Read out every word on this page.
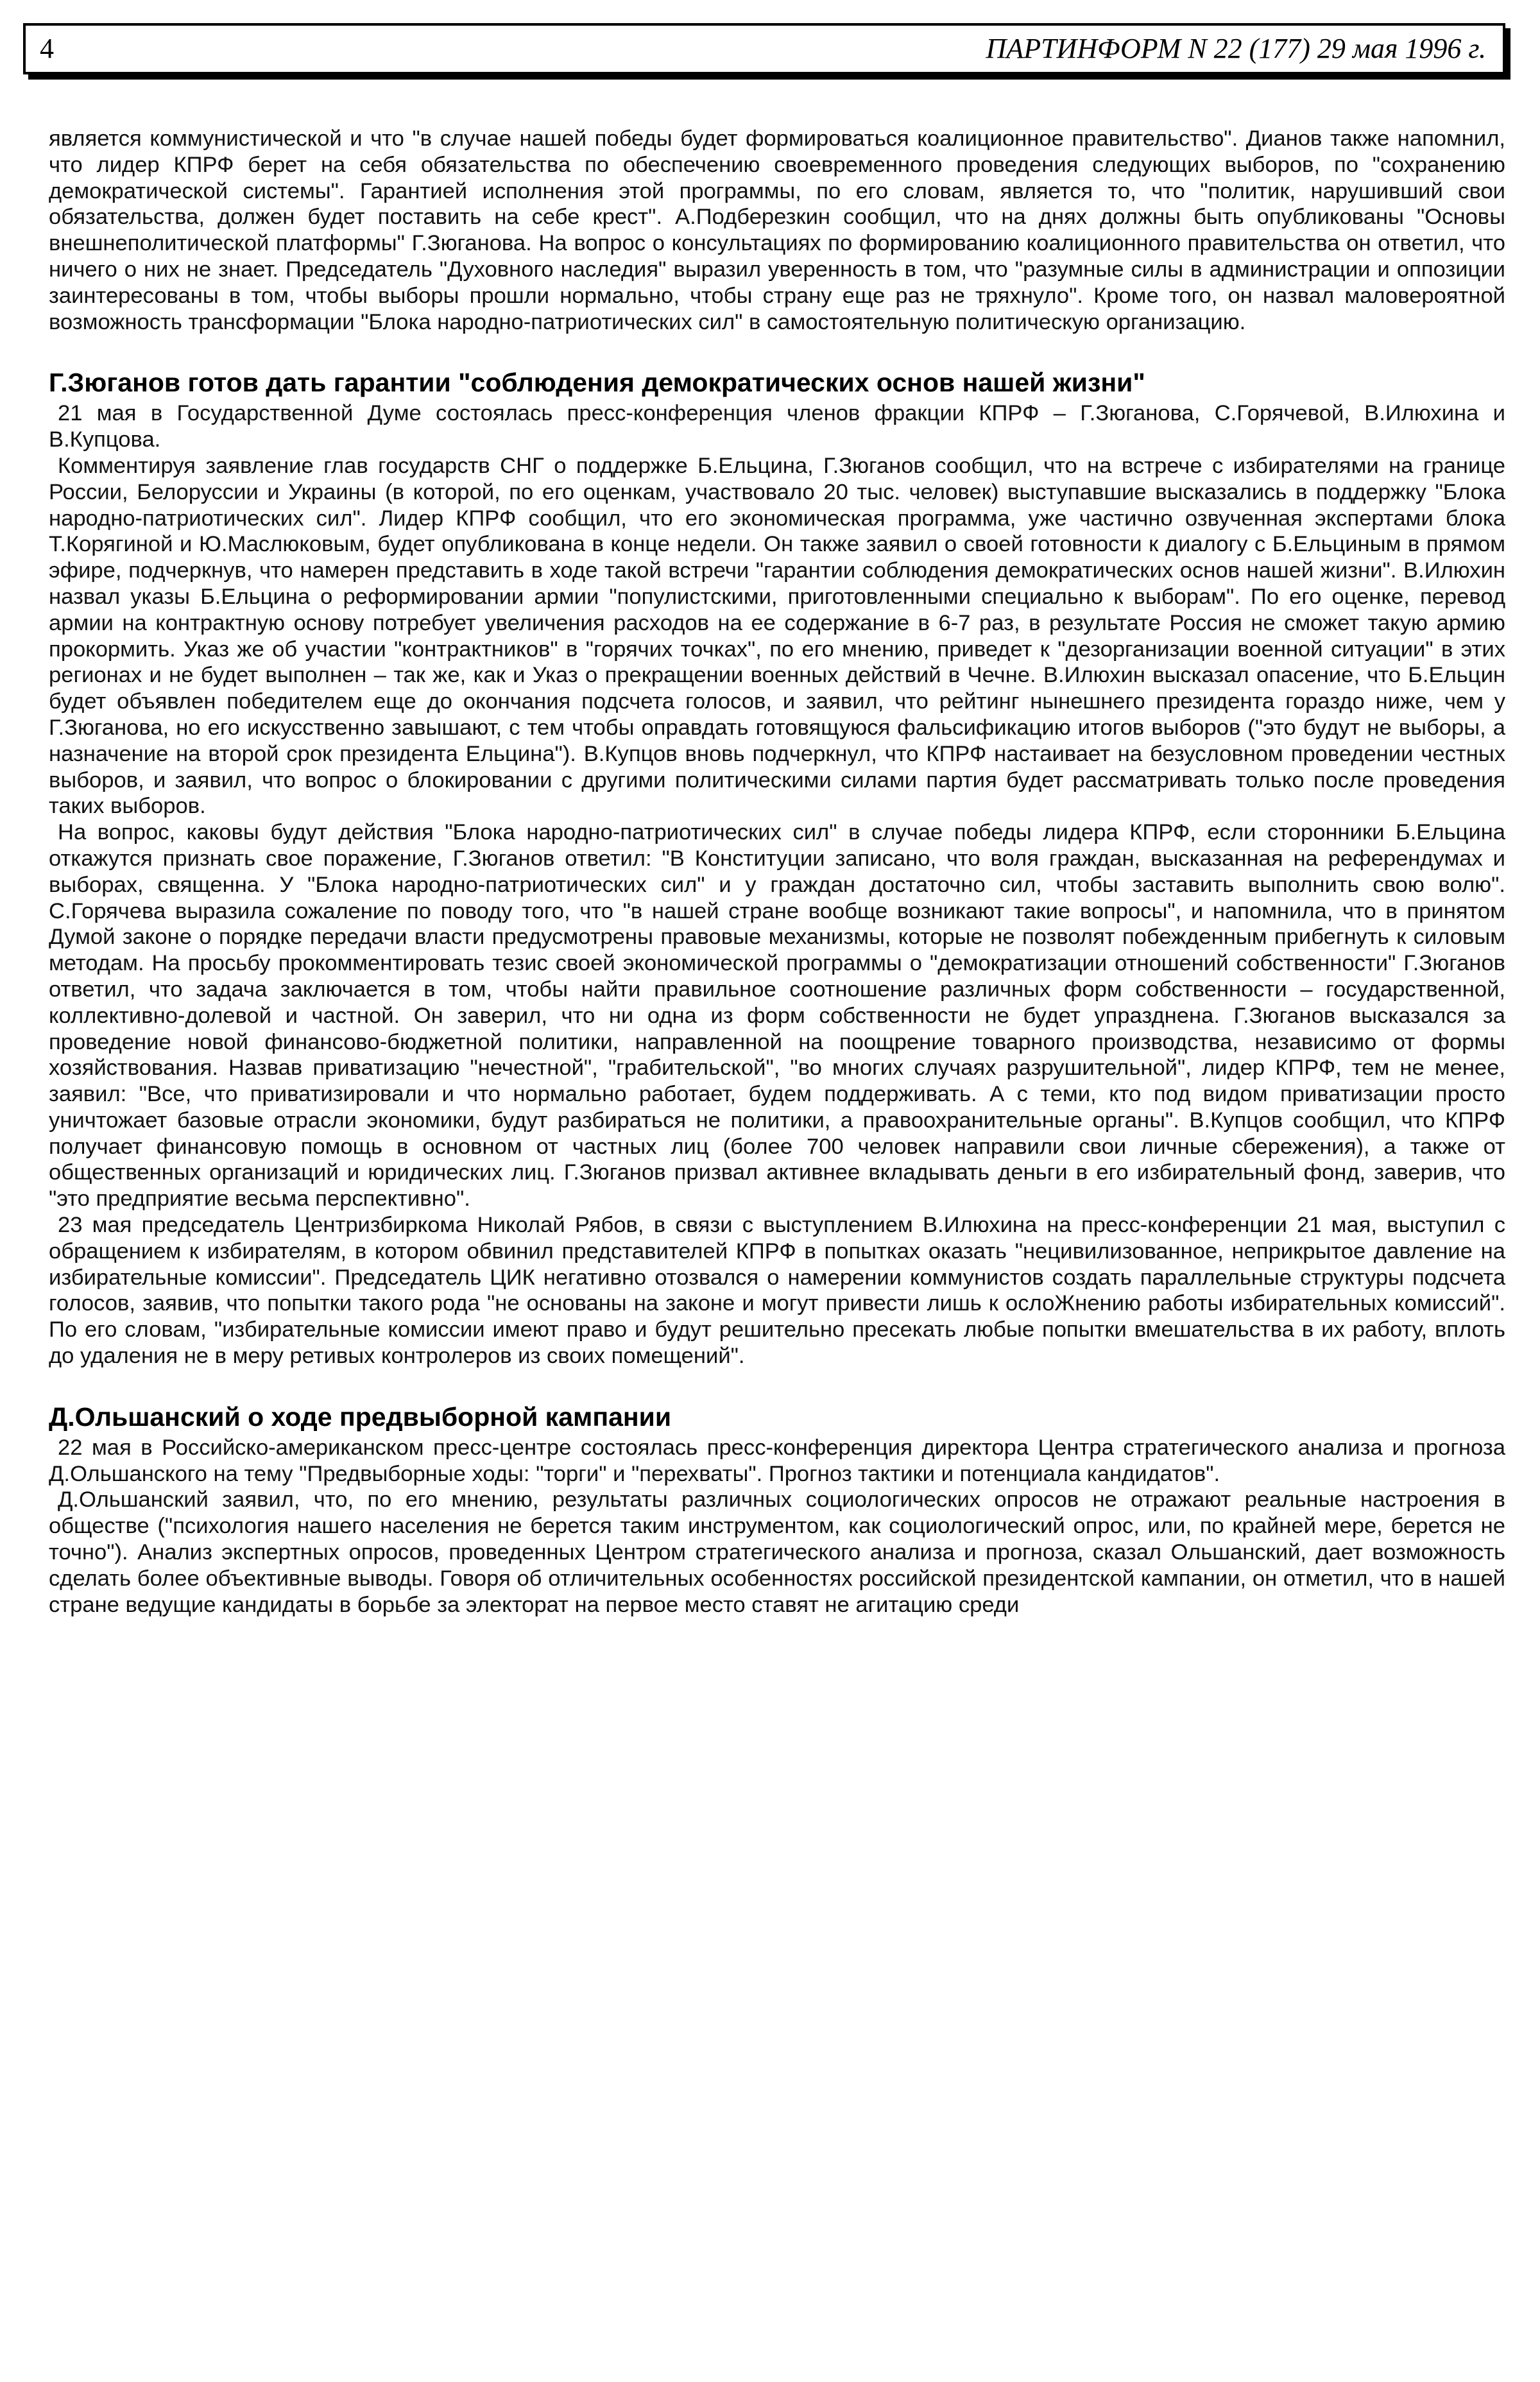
4	ПАРТИНФОРМ N 22 (177) 29 мая 1996 г.

является коммунистической и что "в случае нашей победы будет формироваться коалиционное правительство". Дианов также напомнил, что лидер КПРФ берет на себя обязательства по обеспечению своевременного проведения следующих выборов, по "сохранению демократической системы". Гарантией исполнения этой программы, по его словам, является то, что "политик, нарушивший свои обязательства, должен будет поставить на себе крест". А.Подберезкин сообщил, что на днях должны быть опубликованы "Основы внешнеполитической платформы" Г.Зюганова. На вопрос о консультациях по формированию коалиционного правительства он ответил, что ничего о них не знает. Председатель "Духовного наследия" выразил уверенность в том, что "разумные силы в администрации и оппозиции заинтересованы в том, чтобы выборы прошли нормально, чтобы страну еще раз не тряхнуло". Кроме того, он назвал маловероятной возможность трансформации "Блока народно-патриотических сил" в самостоятельную политическую организацию.

Г.Зюганов готов дать гарантии "соблюдения демократических основ нашей жизни"

21 мая в Государственной Думе состоялась пресс-конференция членов фракции КПРФ – Г.Зюганова, С.Горячевой, В.Илюхина и В.Купцова.

Комментируя заявление глав государств СНГ о поддержке Б.Ельцина, Г.Зюганов сообщил, что на встрече с избирателями на границе России, Белоруссии и Украины (в которой, по его оценкам, участвовало 20 тыс. человек) выступавшие высказались в поддержку "Блока народно-патриотических сил". Лидер КПРФ сообщил, что его экономическая программа, уже частично озвученная экспертами блока Т.Корягиной и Ю.Маслюковым, будет опубликована в конце недели. Он также заявил о своей готовности к диалогу с Б.Ельциным в прямом эфире, подчеркнув, что намерен представить в ходе такой встречи "гарантии соблюдения демократических основ нашей жизни". В.Илюхин назвал указы Б.Ельцина о реформировании армии "популистскими, приготовленными специально к выборам". По его оценке, перевод армии на контрактную основу потребует увеличения расходов на ее содержание в 6-7 раз, в результате Россия не сможет такую армию прокормить. Указ же об участии "контрактников" в "горячих точках", по его мнению, приведет к "дезорганизации военной ситуации" в этих регионах и не будет выполнен – так же, как и Указ о прекращении военных действий в Чечне. В.Илюхин высказал опасение, что Б.Ельцин будет объявлен победителем еще до окончания подсчета голосов, и заявил, что рейтинг нынешнего президента гораздо ниже, чем у Г.Зюганова, но его искусственно завышают, с тем чтобы оправдать готовящуюся фальсификацию итогов выборов ("это будут не выборы, а назначение на второй срок президента Ельцина"). В.Купцов вновь подчеркнул, что КПРФ настаивает на безусловном проведении честных выборов, и заявил, что вопрос о блокировании с другими политическими силами партия будет рассматривать только после проведения таких выборов.

На вопрос, каковы будут действия "Блока народно-патриотических сил" в случае победы лидера КПРФ, если сторонники Б.Ельцина откажутся признать свое поражение, Г.Зюганов ответил: "В Конституции записано, что воля граждан, высказанная на референдумах и выборах, священна. У "Блока народно-патриотических сил" и у граждан достаточно сил, чтобы заставить выполнить свою волю". С.Горячева выразила сожаление по поводу того, что "в нашей стране вообще возникают такие вопросы", и напомнила, что в принятом Думой законе о порядке передачи власти предусмотрены правовые механизмы, которые не позволят побежденным прибегнуть к силовым методам. На просьбу прокомментировать тезис своей экономической программы о "демократизации отношений собственности" Г.Зюганов ответил, что задача заключается в том, чтобы найти правильное соотношение различных форм собственности – государственной, коллективно-долевой и частной. Он заверил, что ни одна из форм собственности не будет упразднена. Г.Зюганов высказался за проведение новой финансово-бюджетной политики, направленной на поощрение товарного производства, независимо от формы хозяйствования. Назвав приватизацию "нечестной", "грабительской", "во многих случаях разрушительной", лидер КПРФ, тем не менее, заявил: "Все, что приватизировали и что нормально работает, будем поддерживать. А с теми, кто под видом приватизации просто уничтожает базовые отрасли экономики, будут разбираться не политики, а правоохранительные органы". В.Купцов сообщил, что КПРФ получает финансовую помощь в основном от частных лиц (более 700 человек направили свои личные сбережения), а также от общественных организаций и юридических лиц. Г.Зюганов призвал активнее вкладывать деньги в его избирательный фонд, заверив, что "это предприятие весьма перспективно".

23 мая председатель Центризбиркома Николай Рябов, в связи с выступлением В.Илюхина на пресс-конференции 21 мая, выступил с обращением к избирателям, в котором обвинил представителей КПРФ в попытках оказать "нецивилизованное, неприкрытое давление на избирательные комиссии". Председатель ЦИК негативно отозвался о намерении коммунистов создать параллельные структуры подсчета голосов, заявив, что попытки такого рода "не основаны на законе и могут привести лишь к ослоЖнению работы избирательных комиссий". По его словам, "избирательные комиссии имеют право и будут решительно пресекать любые попытки вмешательства в их работу, вплоть до удаления не в меру ретивых контролеров из своих помещений".

Д.Ольшанский о ходе предвыборной кампании

22 мая в Российско-американском пресс-центре состоялась пресс-конференция директора Центра стратегического анализа и прогноза Д.Ольшанского на тему "Предвыборные ходы: "торги" и "перехваты". Прогноз тактики и потенциала кандидатов".

Д.Ольшанский заявил, что, по его мнению, результаты различных социологических опросов не отражают реальные настроения в обществе ("психология нашего населения не берется таким инструментом, как социологический опрос, или, по крайней мере, берется не точно"). Анализ экспертных опросов, проведенных Центром стратегического анализа и прогноза, сказал Ольшанский, дает возможность сделать более объективные выводы. Говоря об отличительных особенностях российской президентской кампании, он отметил, что в нашей стране ведущие кандидаты в борьбе за электорат на первое место ставят не агитацию среди
